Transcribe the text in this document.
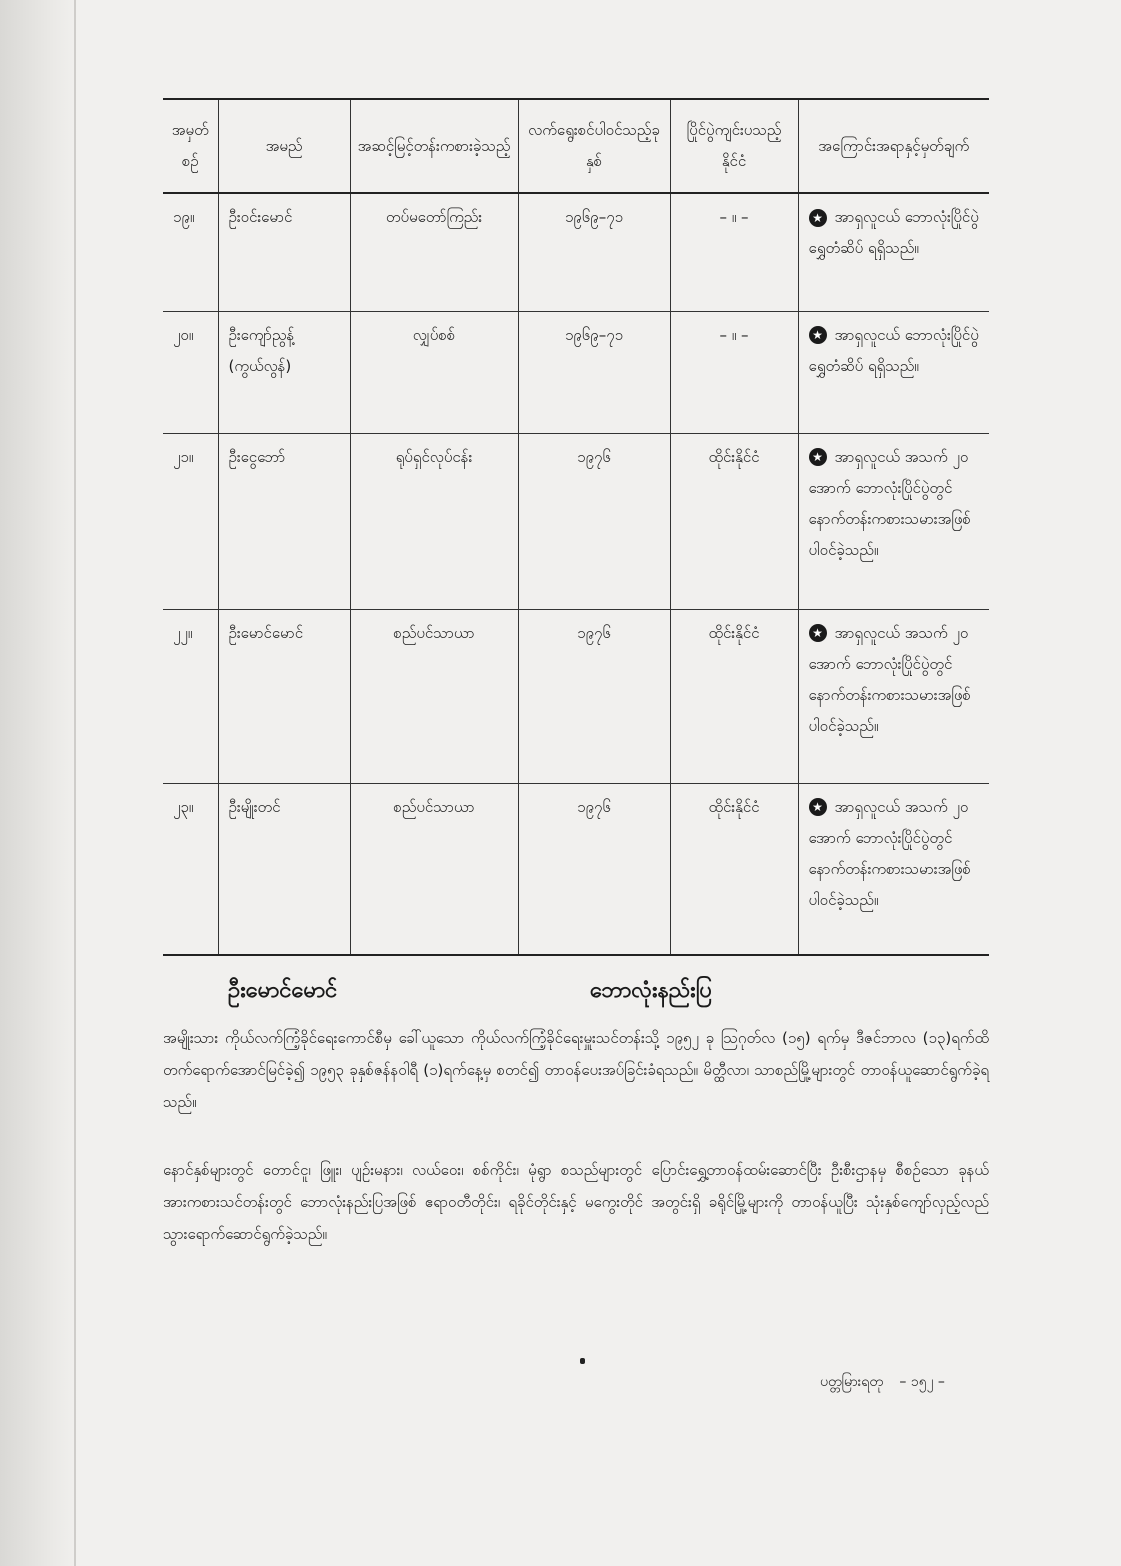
အမှတ်စဉ်	အမည်	အဆင့်မြင့်တန်းကစားခဲ့သည့်	လက်ရွေးစင်ပါဝင်သည့်ခုနှစ်	ပြိုင်ပွဲကျင်းပသည့်နိုင်ငံ	အကြောင်းအရာနှင့်မှတ်ချက်
၁၉။	ဦးဝင်းမောင်	တပ်မတော်ကြည်း	၁၉၆၉–၇၁	– ။ –	★ အာရှလူငယ် ဘောလုံးပြိုင်ပွဲ ရွှေတံဆိပ် ရရှိသည်။
၂၀။	ဦးကျော်ညွန့် (ကွယ်လွန်)	လျှပ်စစ်	၁၉၆၉–၇၁	– ။ –	★ အာရှလူငယ် ဘောလုံးပြိုင်ပွဲ ရွှေတံဆိပ် ရရှိသည်။
၂၁။	ဦးငွေဘော်	ရုပ်ရှင်လုပ်ငန်း	၁၉၇၆	ထိုင်းနိုင်ငံ	★ အာရှလူငယ် အသက် ၂၀ အောက် ဘောလုံးပြိုင်ပွဲတွင် နောက်တန်းကစားသမားအဖြစ် ပါဝင်ခဲ့သည်။
၂၂။	ဦးမောင်မောင်	စည်ပင်သာယာ	၁၉၇၆	ထိုင်းနိုင်ငံ	★ အာရှလူငယ် အသက် ၂၀ အောက် ဘောလုံးပြိုင်ပွဲတွင် နောက်တန်းကစားသမားအဖြစ် ပါဝင်ခဲ့သည်။
၂၃။	ဦးမျိုးတင်	စည်ပင်သာယာ	၁၉၇၆	ထိုင်းနိုင်ငံ	★ အာရှလူငယ် အသက် ၂၀ အောက် ဘောလုံးပြိုင်ပွဲတွင် နောက်တန်းကစားသမားအဖြစ် ပါဝင်ခဲ့သည်။
ဦးမောင်မောင်	ဘောလုံးနည်းပြ

အမျိုးသား ကိုယ်လက်ကြံ့ခိုင်ရေးကောင်စီမှ ခေါ်ယူသော ကိုယ်လက်ကြံ့ခိုင်ရေးမှူးသင်တန်းသို့ ၁၉၅၂ ခု ဩဂုတ်လ (၁၅) ရက်မှ ဒီဇင်ဘာလ (၁၃)ရက်ထိ တက်ရောက်အောင်မြင်ခဲ့၍ ၁၉၅၃ ခုနှစ်ဇန်နဝါရီ (၁)ရက်နေ့မှ စတင်၍ တာဝန်ပေးအပ်ခြင်းခံရသည်။ မိတ္ထီလာ၊ သာစည်မြို့များတွင် တာဝန်ယူဆောင်ရွက်ခဲ့ရသည်။

နောင်နှစ်များတွင် တောင်ငူ၊ ဖြူး၊ ပျဉ်းမနား၊ လယ်ဝေး၊ စစ်ကိုင်း၊ မုံရွာ စသည်များတွင် ပြောင်းရွှေ့တာဝန်ထမ်းဆောင်ပြီး ဦးစီးဌာနမှ စီစဉ်သော ခုနယ်အားကစားသင်တန်းတွင် ဘောလုံးနည်းပြအဖြစ် ဧရာဝတီတိုင်း၊ ရခိုင်တိုင်းနှင့် မကွေးတိုင် အတွင်းရှိ ခရိုင်မြို့များကို တာဝန်ယူပြီး သုံးနှစ်ကျော်လှည့်လည်သွားရောက်ဆောင်ရွက်ခဲ့သည်။

ပတ္တမြားရတု – ၁၅၂ –
